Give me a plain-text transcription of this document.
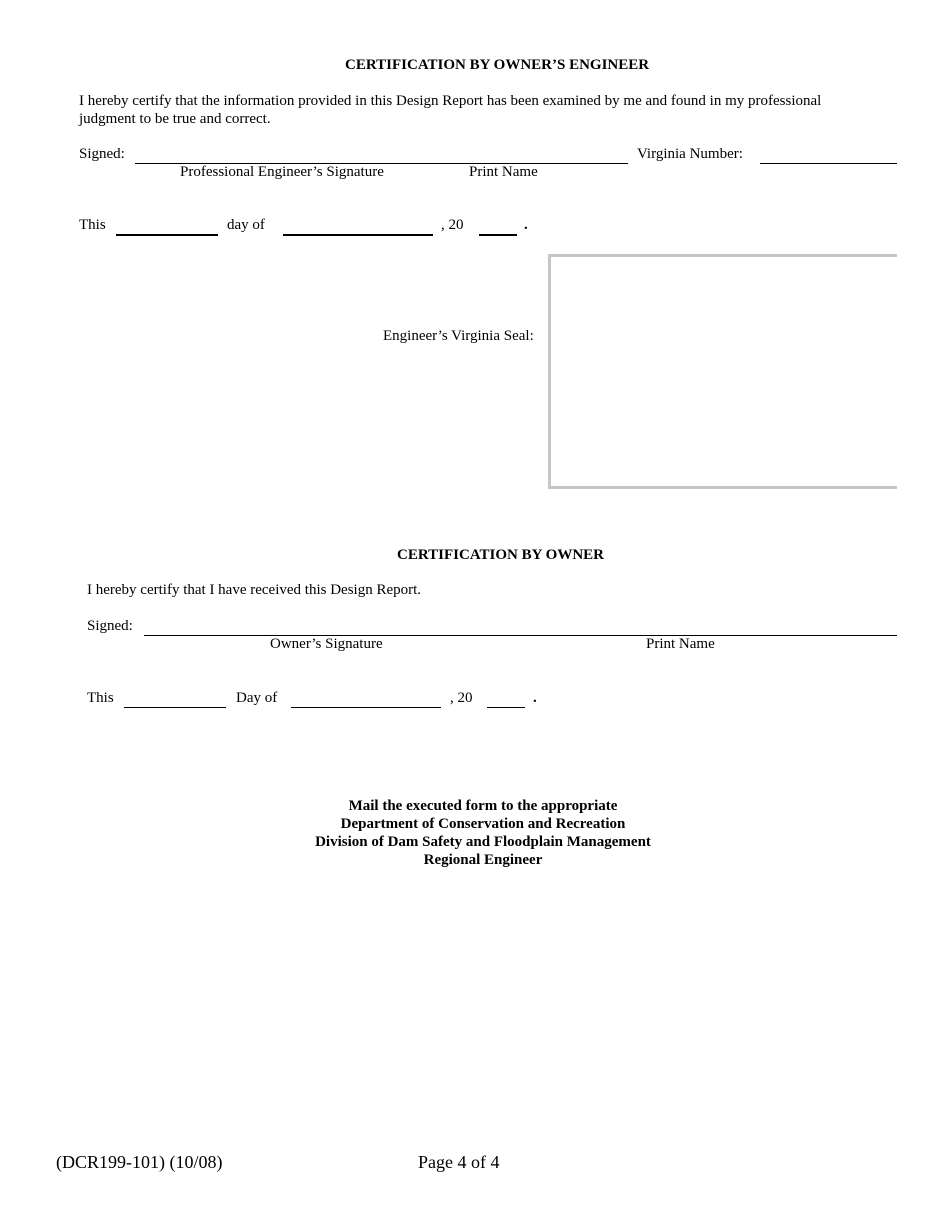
CERTIFICATION BY OWNER’S ENGINEER
I hereby certify that the information provided in this Design Report has been examined by me and found in my professional judgment to be true and correct.
Signed:
Professional Engineer’s Signature	Print Name
Virginia Number:
This	day of	, 20	.
Engineer’s Virginia Seal:
CERTIFICATION BY OWNER
I hereby certify that I have received this Design Report.
Signed:
Owner’s Signature	Print Name
This	Day of	, 20	.
Mail the executed form to the appropriate
Department of Conservation and Recreation
Division of Dam Safety and Floodplain Management
Regional Engineer
(DCR199-101) (10/08)	Page 4 of 4
